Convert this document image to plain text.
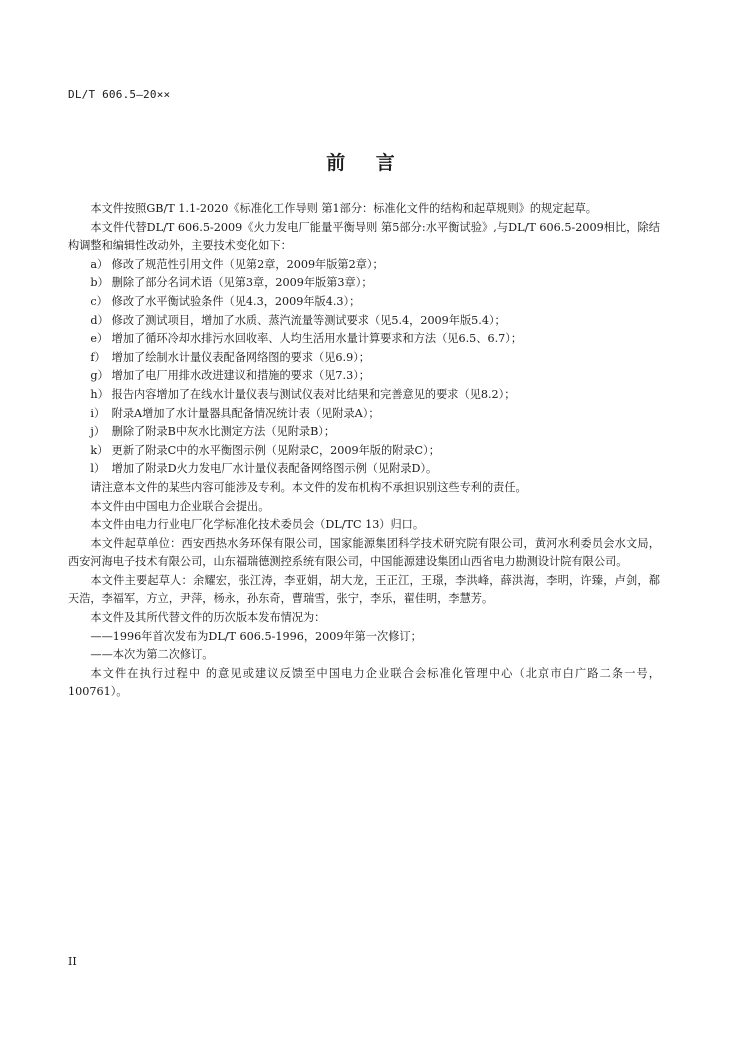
DL/T 606.5—20××
前 言

本文件按照GB/T 1.1-2020《标准化工作导则 第1部分：标准化文件的结构和起草规则》的规定起草。

本文件代替DL/T 606.5-2009《火力发电厂能量平衡导则 第5部分:水平衡试验》,与DL/T 606.5-2009相比，除结构调整和编辑性改动外，主要技术变化如下：

a） 修改了规范性引用文件（见第2章，2009年版第2章）；
b） 删除了部分名词术语（见第3章，2009年版第3章）；
c） 修改了水平衡试验条件（见4.3，2009年版4.3）；
d） 修改了测试项目，增加了水质、蒸汽流量等测试要求（见5.4，2009年版5.4）；
e） 增加了循环冷却水排污水回收率、人均生活用水量计算要求和方法（见6.5、6.7）；
f） 增加了绘制水计量仪表配备网络图的要求（见6.9）；
g） 增加了电厂用排水改进建议和措施的要求（见7.3）；
h） 报告内容增加了在线水计量仪表与测试仪表对比结果和完善意见的要求（见8.2）；
i） 附录A增加了水计量器具配备情况统计表（见附录A）；
j） 删除了附录B中灰水比测定方法（见附录B）；
k） 更新了附录C中的水平衡图示例（见附录C，2009年版的附录C）；
l） 增加了附录D火力发电厂水计量仪表配备网络图示例（见附录D）。

请注意本文件的某些内容可能涉及专利。本文件的发布机构不承担识别这些专利的责任。

本文件由中国电力企业联合会提出。

本文件由电力行业电厂化学标准化技术委员会（DL/TC 13）归口。

本文件起草单位：西安西热水务环保有限公司，国家能源集团科学技术研究院有限公司，黄河水利委员会水文局，西安河海电子技术有限公司，山东福瑞德测控系统有限公司，中国能源建设集团山西省电力勘测设计院有限公司。

本文件主要起草人：余耀宏，张江涛，李亚娟，胡大龙，王正江，王璟，李洪峰，薛洪海，李明，许臻，卢剑，郗天浩，李福军，方立，尹萍，杨永，孙东奇，曹瑞雪，张宁，李乐，翟佳明，李慧芳。

本文件及其所代替文件的历次版本发布情况为：

——1996年首次发布为DL/T 606.5-1996，2009年第一次修订；

——本次为第二次修订。

本文件在执行过程中 的意见或建议反馈至中国电力企业联合会标准化管理中心（北京市白广路二条一号，100761）。

II
